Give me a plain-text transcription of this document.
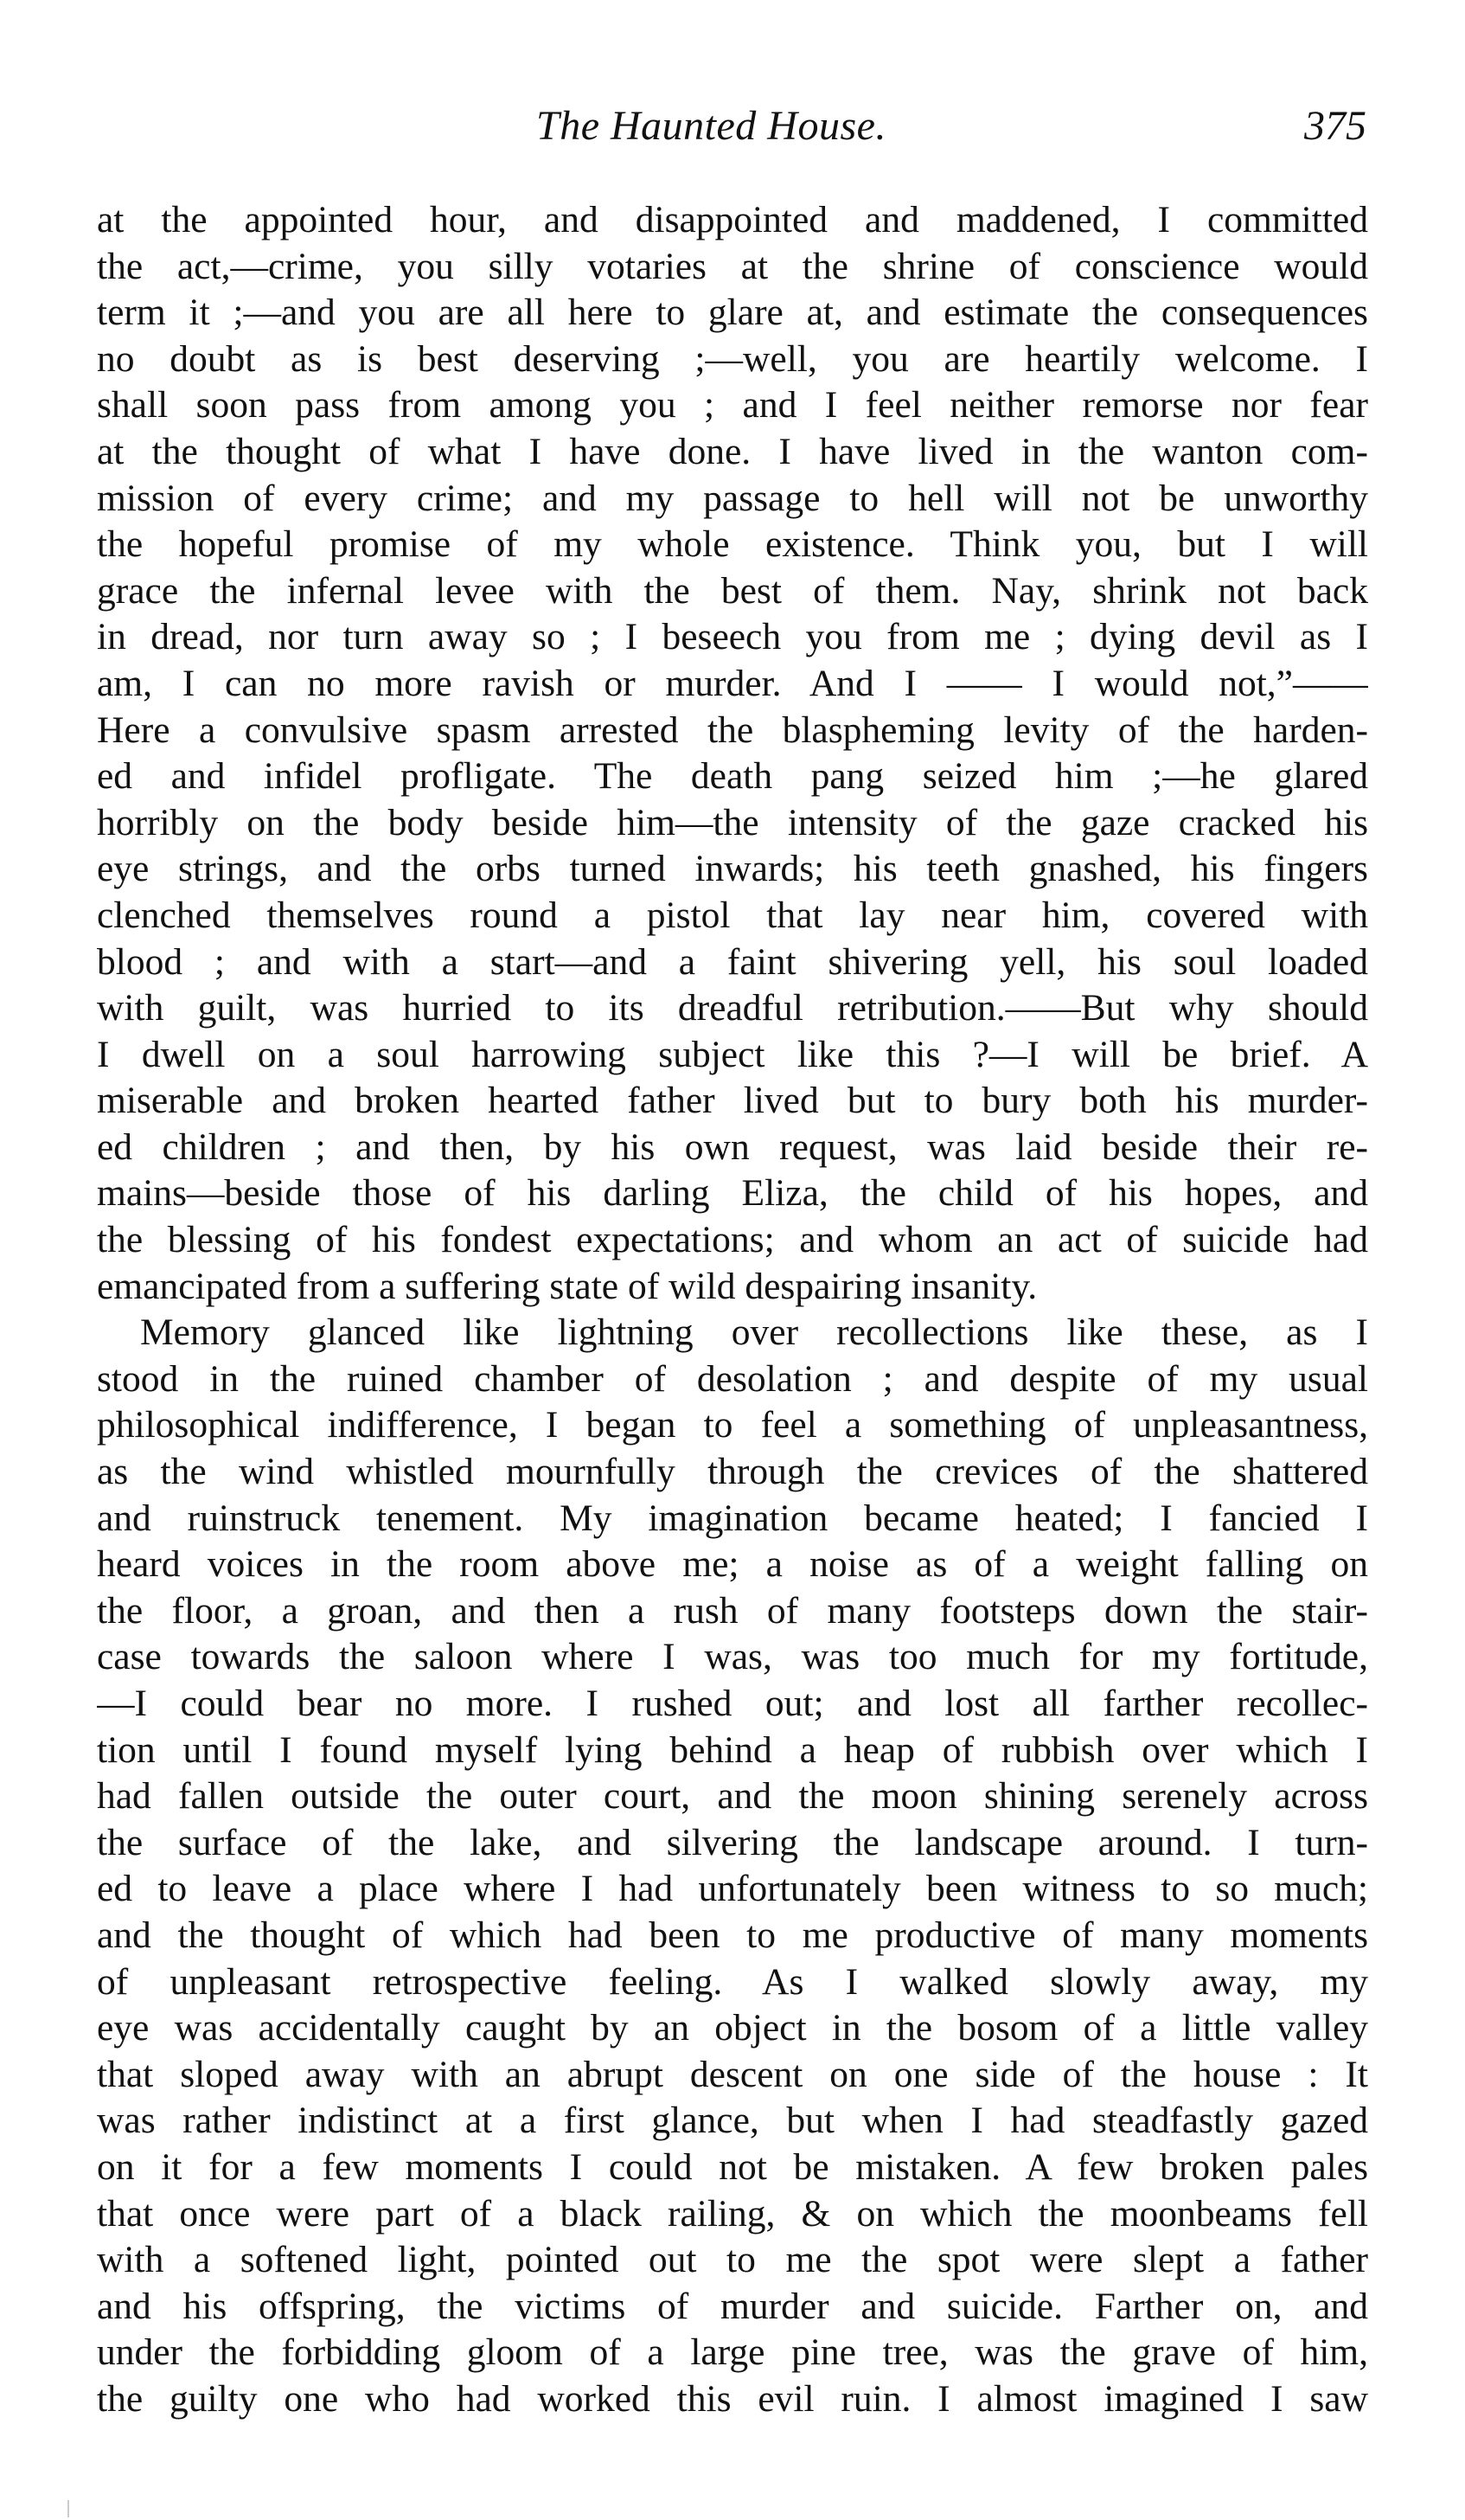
The Haunted House.	375
at the appointed hour, and disappointed and maddened, I committed
the act,—crime, you silly votaries at the shrine of conscience would
term it ;—and you are all here to glare at, and estimate the consequences
no doubt as is best deserving ;—well, you are heartily welcome. I
shall soon pass from among you ; and I feel neither remorse nor fear
at the thought of what I have done. I have lived in the wanton com-
mission of every crime; and my passage to hell will not be unworthy
the hopeful promise of my whole existence. Think you, but I will
grace the infernal levee with the best of them. Nay, shrink not back
in dread, nor turn away so ; I beseech you from me ; dying devil as I
am, I can no more ravish or murder. And I —— I would not,”——
Here a convulsive spasm arrested the blaspheming levity of the harden-
ed and infidel profligate. The death pang seized him ;—he glared
horribly on the body beside him—the intensity of the gaze cracked his
eye strings, and the orbs turned inwards; his teeth gnashed, his fingers
clenched themselves round a pistol that lay near him, covered with
blood ; and with a start—and a faint shivering yell, his soul loaded
with guilt, was hurried to its dreadful retribution.——But why should
I dwell on a soul harrowing subject like this ?—I will be brief. A
miserable and broken hearted father lived but to bury both his murder-
ed children ; and then, by his own request, was laid beside their re-
mains—beside those of his darling Eliza, the child of his hopes, and
the blessing of his fondest expectations; and whom an act of suicide had
emancipated from a suffering state of wild despairing insanity.
Memory glanced like lightning over recollections like these, as I
stood in the ruined chamber of desolation ; and despite of my usual
philosophical indifference, I began to feel a something of unpleasantness,
as the wind whistled mournfully through the crevices of the shattered
and ruinstruck tenement. My imagination became heated; I fancied I
heard voices in the room above me; a noise as of a weight falling on
the floor, a groan, and then a rush of many footsteps down the stair-
case towards the saloon where I was, was too much for my fortitude,
—I could bear no more. I rushed out; and lost all farther recollec-
tion until I found myself lying behind a heap of rubbish over which I
had fallen outside the outer court, and the moon shining serenely across
the surface of the lake, and silvering the landscape around. I turn-
ed to leave a place where I had unfortunately been witness to so much;
and the thought of which had been to me productive of many moments
of unpleasant retrospective feeling. As I walked slowly away, my
eye was accidentally caught by an object in the bosom of a little valley
that sloped away with an abrupt descent on one side of the house : It
was rather indistinct at a first glance, but when I had steadfastly gazed
on it for a few moments I could not be mistaken. A few broken pales
that once were part of a black railing, & on which the moonbeams fell
with a softened light, pointed out to me the spot were slept a father
and his offspring, the victims of murder and suicide. Farther on, and
under the forbidding gloom of a large pine tree, was the grave of him,
the guilty one who had worked this evil ruin. I almost imagined I saw
